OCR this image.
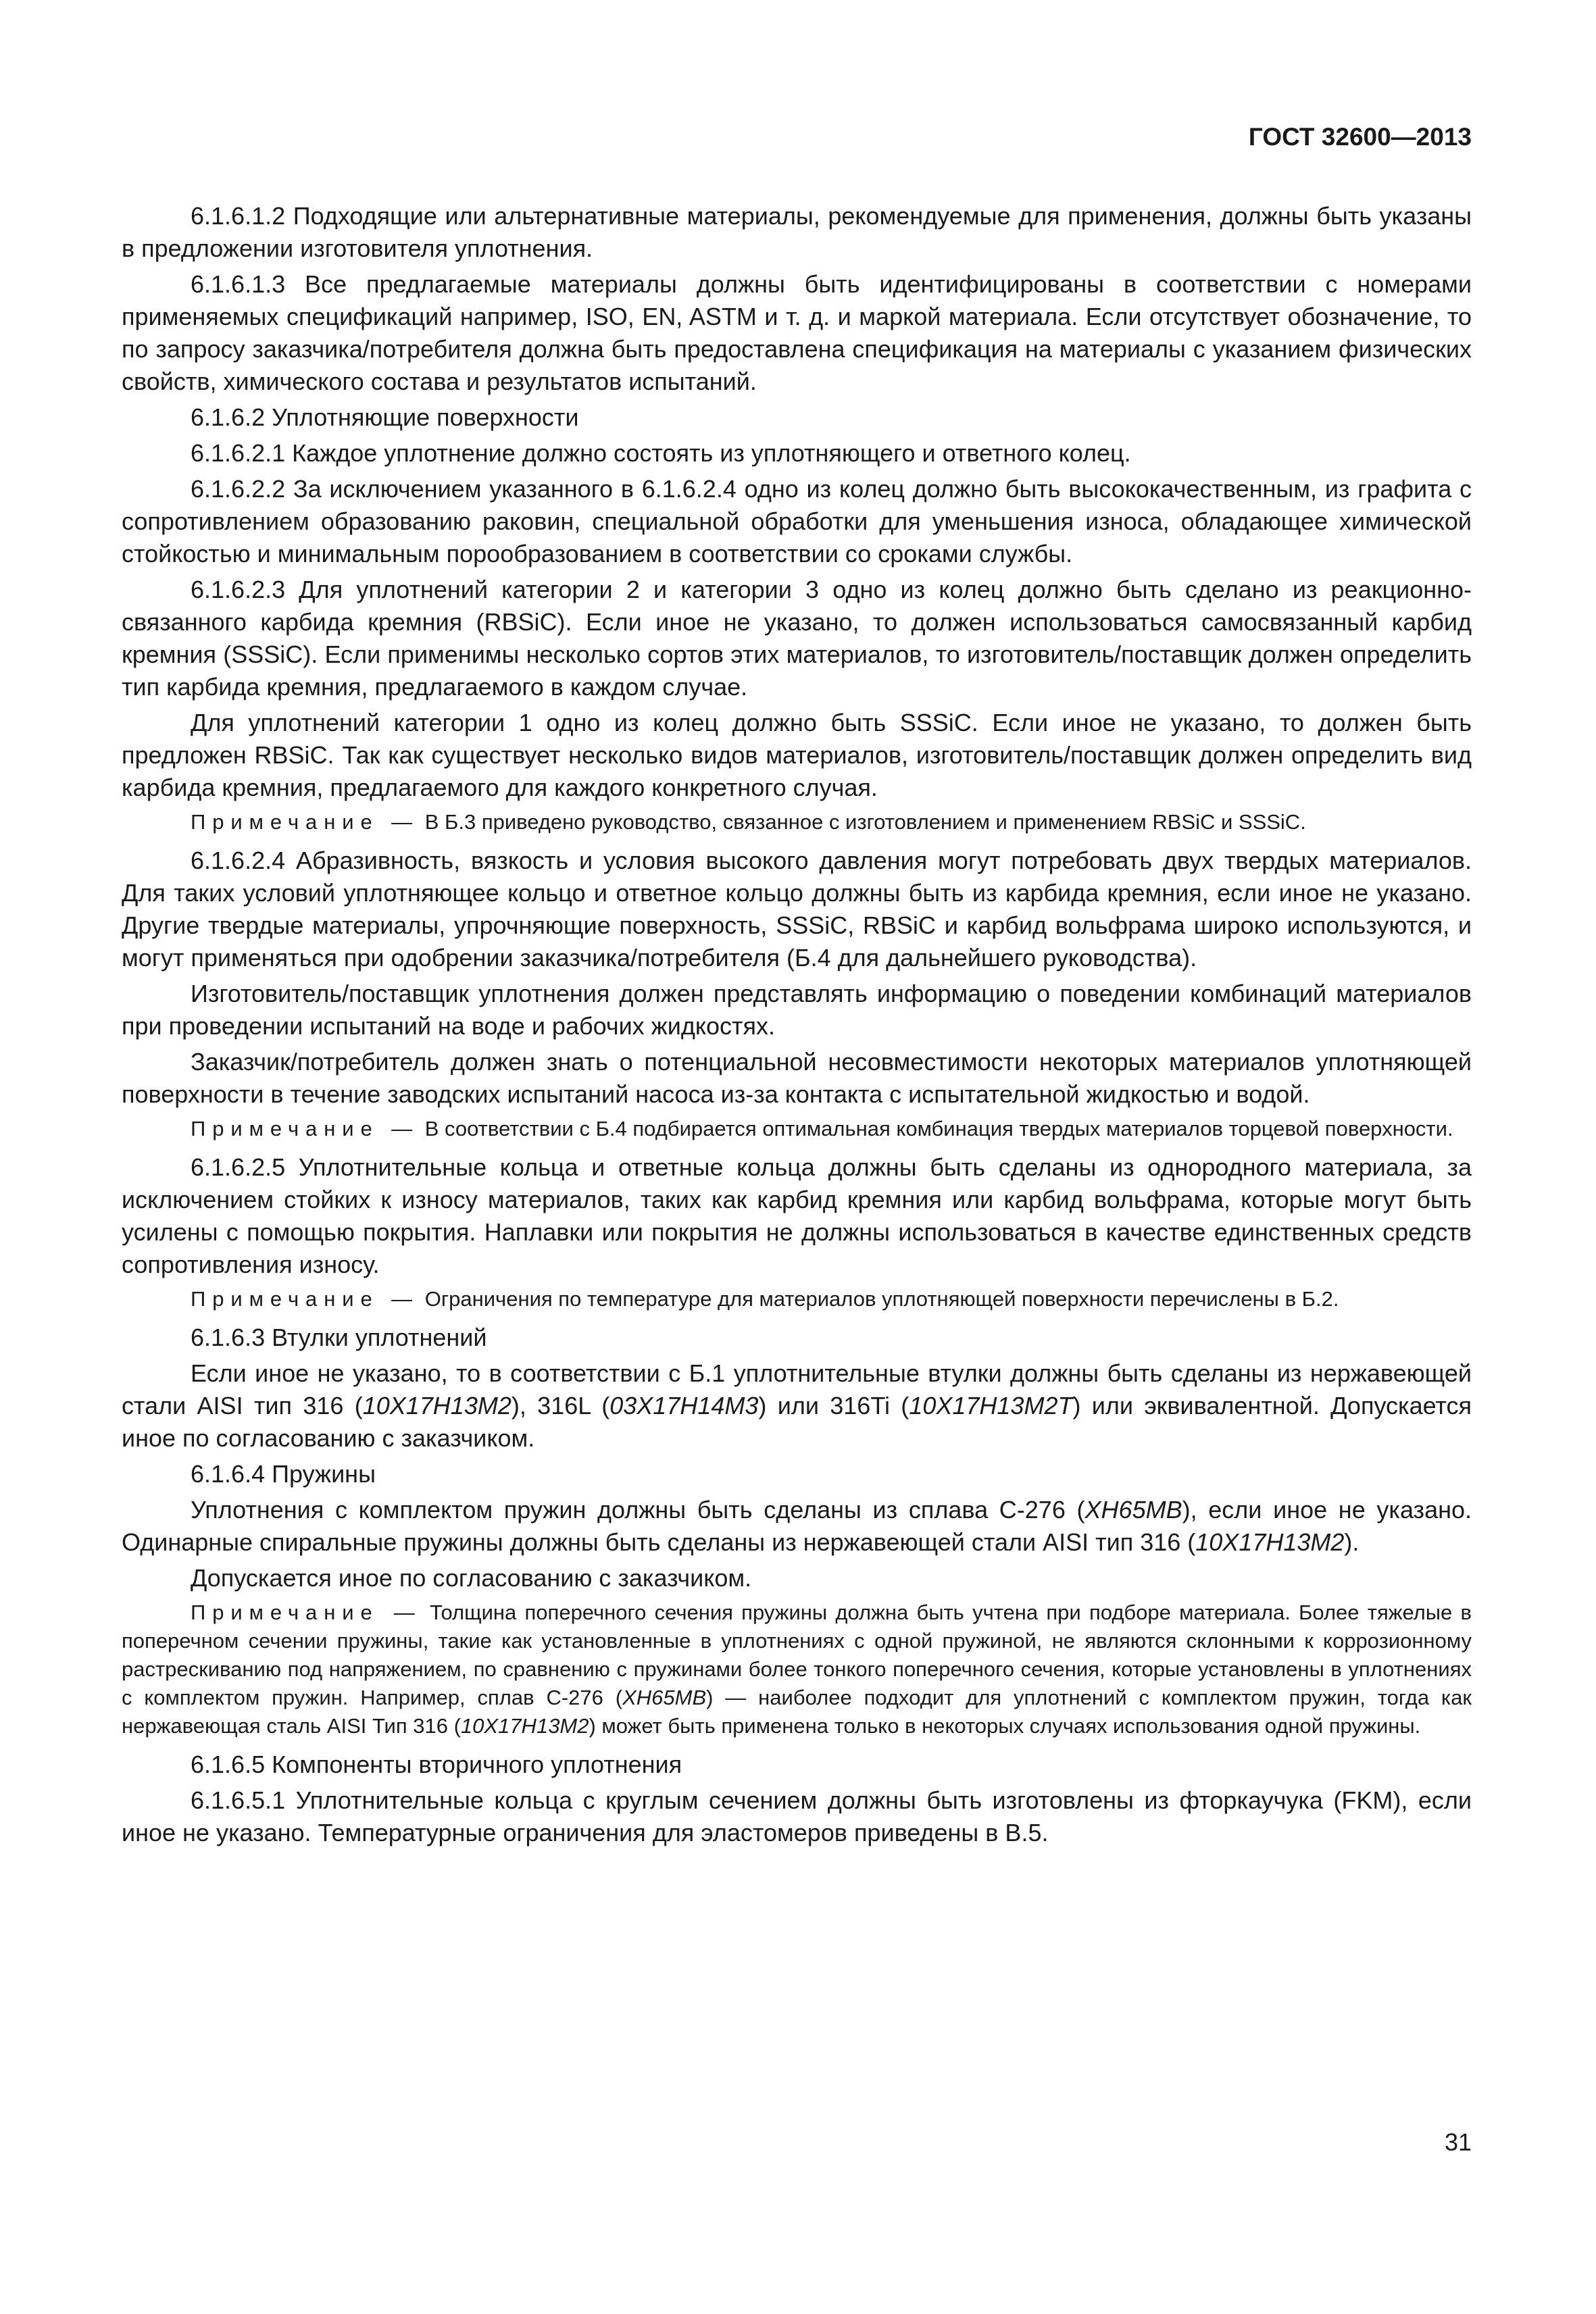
ГОСТ 32600—2013

6.1.6.1.2 Подходящие или альтернативные материалы, рекомендуемые для применения, должны быть указаны в предложении изготовителя уплотнения.

6.1.6.1.3 Все предлагаемые материалы должны быть идентифицированы в соответствии с номерами применяемых спецификаций например, ISO, EN, ASTM и т. д. и маркой материала. Если отсутствует обозначение, то по запросу заказчика/потребителя должна быть предоставлена спецификация на материалы с указанием физических свойств, химического состава и результатов испытаний.

6.1.6.2 Уплотняющие поверхности

6.1.6.2.1 Каждое уплотнение должно состоять из уплотняющего и ответного колец.

6.1.6.2.2 За исключением указанного в 6.1.6.2.4 одно из колец должно быть высококачественным, из графита с сопротивлением образованию раковин, специальной обработки для уменьшения износа, обладающее химической стойкостью и минимальным порообразованием в соответствии со сроками службы.

6.1.6.2.3 Для уплотнений категории 2 и категории 3 одно из колец должно быть сделано из реакционно-связанного карбида кремния (RBSiC). Если иное не указано, то должен использоваться самосвязанный карбид кремния (SSSiC). Если применимы несколько сортов этих материалов, то изготовитель/поставщик должен определить тип карбида кремния, предлагаемого в каждом случае.

Для уплотнений категории 1 одно из колец должно быть SSSiC. Если иное не указано, то должен быть предложен RBSiC. Так как существует несколько видов материалов, изготовитель/поставщик должен определить вид карбида кремния, предлагаемого для каждого конкретного случая.

Примечание — В Б.3 приведено руководство, связанное с изготовлением и применением RBSiC и SSSiC.

6.1.6.2.4 Абразивность, вязкость и условия высокого давления могут потребовать двух твердых материалов. Для таких условий уплотняющее кольцо и ответное кольцо должны быть из карбида кремния, если иное не указано. Другие твердые материалы, упрочняющие поверхность, SSSiC, RBSiC и карбид вольфрама широко используются, и могут применяться при одобрении заказчика/потребителя (Б.4 для дальнейшего руководства).

Изготовитель/поставщик уплотнения должен представлять информацию о поведении комбинаций материалов при проведении испытаний на воде и рабочих жидкостях.

Заказчик/потребитель должен знать о потенциальной несовместимости некоторых материалов уплотняющей поверхности в течение заводских испытаний насоса из-за контакта с испытательной жидкостью и водой.

Примечание — В соответствии с Б.4 подбирается оптимальная комбинация твердых материалов торцевой поверхности.

6.1.6.2.5 Уплотнительные кольца и ответные кольца должны быть сделаны из однородного материала, за исключением стойких к износу материалов, таких как карбид кремния или карбид вольфрама, которые могут быть усилены с помощью покрытия. Наплавки или покрытия не должны использоваться в качестве единственных средств сопротивления износу.

Примечание — Ограничения по температуре для материалов уплотняющей поверхности перечислены в Б.2.

6.1.6.3 Втулки уплотнений

Если иное не указано, то в соответствии с Б.1 уплотнительные втулки должны быть сделаны из нержавеющей стали AISI тип 316 (10Х17Н13М2), 316L (03Х17Н14М3) или 316Ti (10Х17Н13М2Т) или эквивалентной. Допускается иное по согласованию с заказчиком.

6.1.6.4 Пружины

Уплотнения с комплектом пружин должны быть сделаны из сплава С-276 (ХН65МВ), если иное не указано. Одинарные спиральные пружины должны быть сделаны из нержавеющей стали AISI тип 316 (10Х17Н13М2).

Допускается иное по согласованию с заказчиком.

Примечание — Толщина поперечного сечения пружины должна быть учтена при подборе материала. Более тяжелые в поперечном сечении пружины, такие как установленные в уплотнениях с одной пружиной, не являются склонными к коррозионному растрескиванию под напряжением, по сравнению с пружинами более тонкого поперечного сечения, которые установлены в уплотнениях с комплектом пружин. Например, сплав С-276 (ХН65МВ) — наиболее подходит для уплотнений с комплектом пружин, тогда как нержавеющая сталь AISI Тип 316 (10Х17Н13М2) может быть применена только в некоторых случаях использования одной пружины.

6.1.6.5 Компоненты вторичного уплотнения

6.1.6.5.1 Уплотнительные кольца с круглым сечением должны быть изготовлены из фторкаучука (FKM), если иное не указано. Температурные ограничения для эластомеров приведены в В.5.

31
